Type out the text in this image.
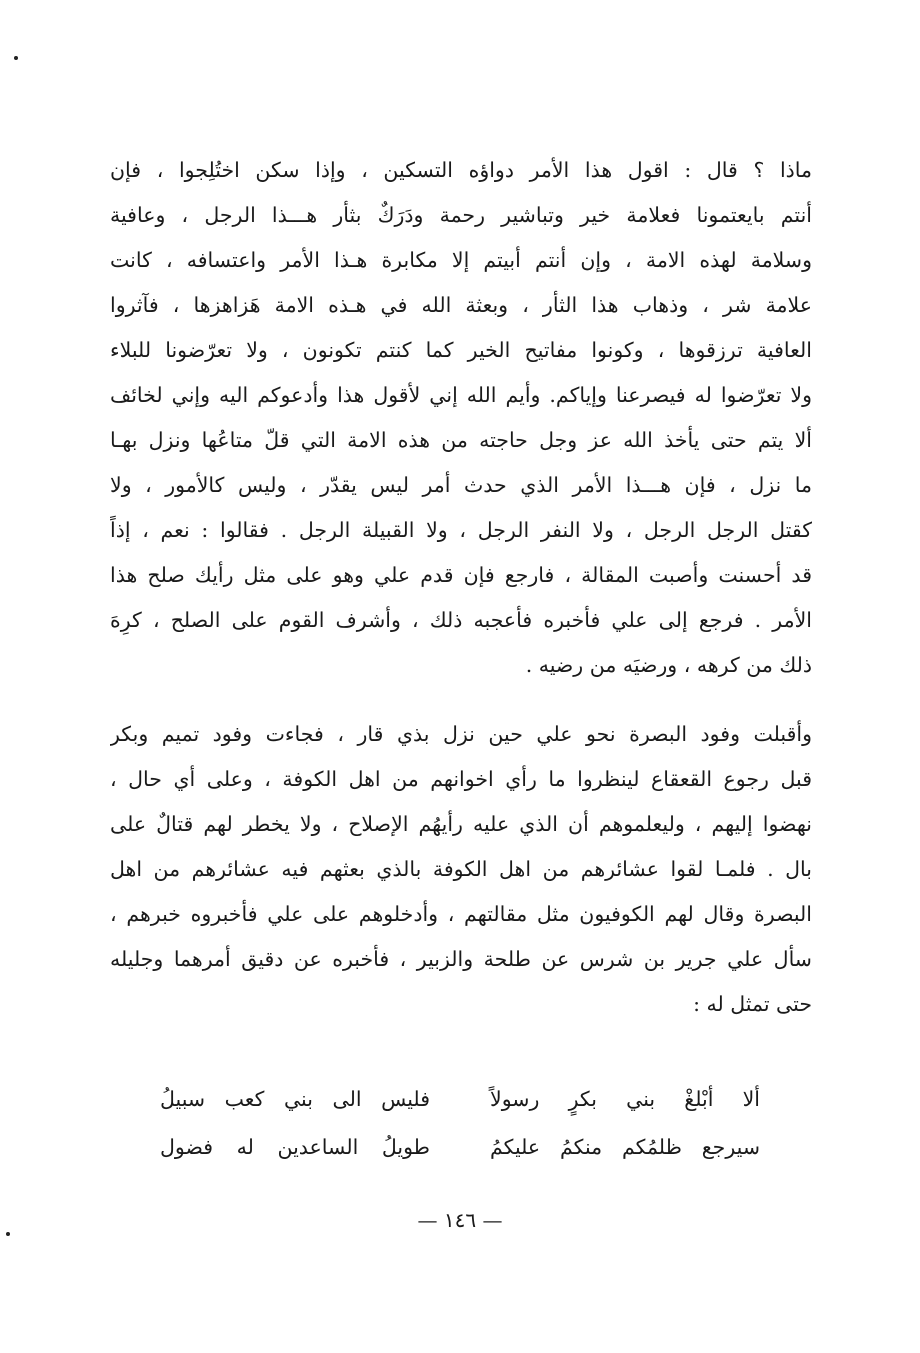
ماذا ؟ قال : اقول هذا الأمر دواؤه التسكين ، وإذا سكن اختُلِجوا ، فإن
أنتم بايعتمونا فعلامة خير وتباشير رحمة ودَرَكٌ بثأر هـــذا الرجل ، وعافية
وسلامة لهذه الامة ، وإن أنتم أبيتم إلا مكابرة هـذا الأمر واعتسافه ، كانت
علامة شر ، وذهاب هذا الثأر ، وبعثة الله في هـذه الامة هَزاهزها ، فآثروا
العافية ترزقوها ، وكونوا مفاتيح الخير كما كنتم تكونون ، ولا تعرّضونا للبلاء
ولا تعرّضوا له فيصرعنا وإياكم. وأيم الله إني لأقول هذا وأدعوكم اليه وإني لخائف
ألا يتم حتى يأخذ الله عز وجل حاجته من هذه الامة التي قلّ متاعُها ونزل بهـا
ما نزل ، فإن هـــذا الأمر الذي حدث أمر ليس يقدّر ، وليس كالأمور ، ولا
كقتل الرجل الرجل ، ولا النفر الرجل ، ولا القبيلة الرجل . فقالوا : نعم ، إذاً
قد أحسنت وأصبت المقالة ، فارجع فإن قدم علي وهو على مثل رأيك صلح هذا
الأمر . فرجع إلى علي فأخبره فأعجبه ذلك ، وأشرف القوم على الصلح ، كرِهَ
ذلك من كرهه ، ورضيَه من رضيه .
وأقبلت وفود البصرة نحو علي حين نزل بذي قار ، فجاءت وفود تميم وبكر
قبل رجوع القعقاع لينظروا ما رأي اخوانهم من اهل الكوفة ، وعلى أي حال ،
نهضوا إليهم ، وليعلموهم أن الذي عليه رأيهُم الإصلاح ، ولا يخطر لهم قتالٌ على
بال . فلمـا لقوا عشائرهم من اهل الكوفة بالذي بعثهم فيه عشائرهم من اهل
البصرة وقال لهم الكوفيون مثل مقالتهم ، وأدخلوهم على علي فأخبروه خبرهم ،
سأل علي جرير بن شرس عن طلحة والزبير ، فأخبره عن دقيق أمرهما وجليله
حتى تمثل له :
ألا أبْلغْ بني بكرٍ رسولاً
فليس الى بني كعب سبيلُ
سيرجع ظلمُكم منكمُ عليكمُ
طويلُ الساعدين له فضول
— ١٤٦ —
